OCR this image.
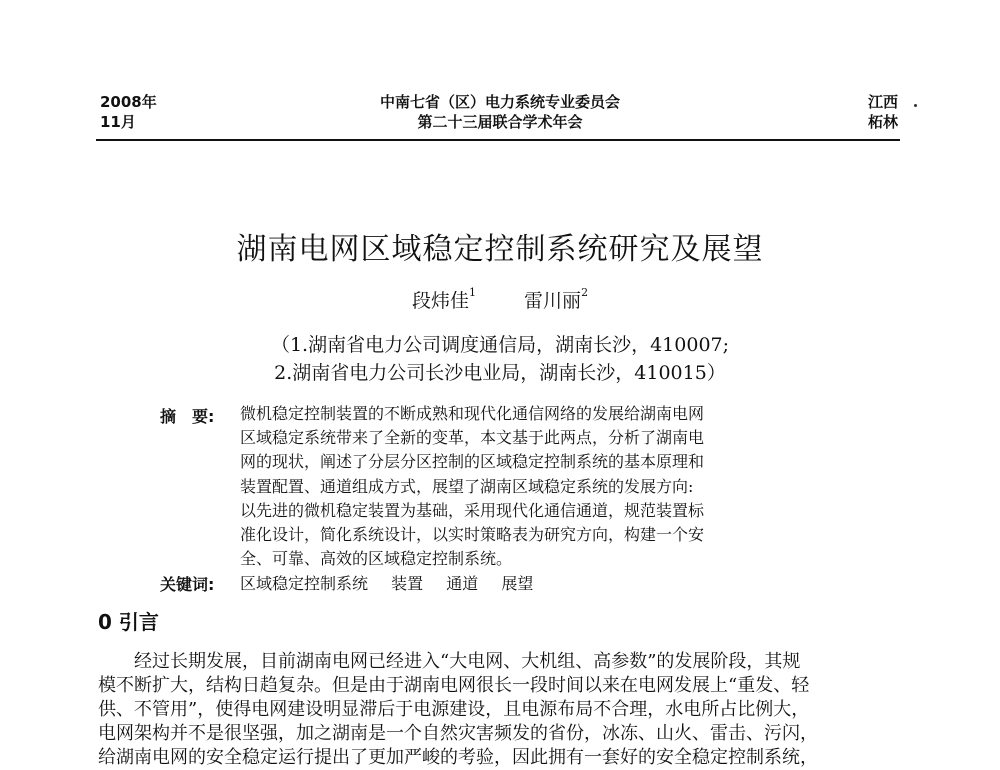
2008年
11月
中南七省（区）电力系统专业委员会
第二十三届联合学术年会
江西
柘林
湖南电网区域稳定控制系统研究及展望
段炜佳$^1$	雷川丽$^2$
（1.湖南省电力公司调度通信局，湖南长沙，410007;
2.湖南省电力公司长沙电业局，湖南长沙，410015）
摘　要: 微机稳定控制装置的不断成熟和现代化通信网络的发展给湖南电网
区域稳定系统带来了全新的变革，本文基于此两点，分析了湖南电
网的现状，阐述了分层分区控制的区域稳定控制系统的基本原理和
装置配置、通道组成方式，展望了湖南区域稳定系统的发展方向:
以先进的微机稳定装置为基础，采用现代化通信通道，规范装置标
准化设计，简化系统设计，以实时策略表为研究方向，构建一个安
全、可靠、高效的区域稳定控制系统。
关键词: 区域稳定控制系统 装置 通道 展望
0 引言
经过长期发展，目前湖南电网已经进入“大电网、大机组、高参数”的发展阶段，其规
模不断扩大，结构日趋复杂。但是由于湖南电网很长一段时间以来在电网发展上“重发、轻
供、不管用”，使得电网建设明显滞后于电源建设，且电源布局不合理，水电所占比例大，
电网架构并不是很坚强，加之湖南是一个自然灾害频发的省份，冰冻、山火、雷击、污闪，
给湖南电网的安全稳定运行提出了更加严峻的考验，因此拥有一套好的安全稳定控制系统，
